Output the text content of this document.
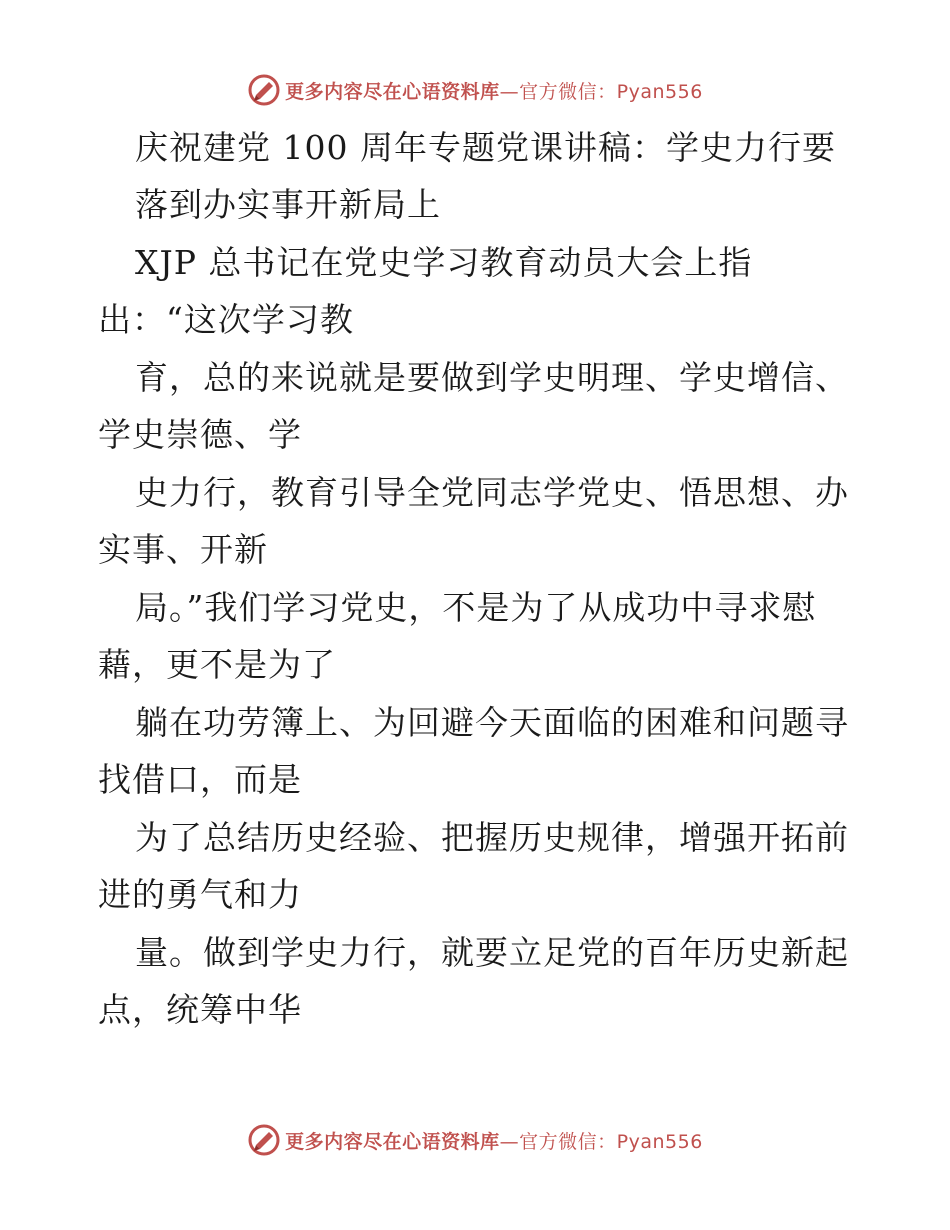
更多内容尽在心语资料库—官方微信：Pyan556
庆祝建党 100 周年专题党课讲稿：学史力行要
落到办实事开新局上
XJP 总书记在党史学习教育动员大会上指
出：“这次学习教
育，总的来说就是要做到学史明理、学史增信、
学史崇德、学
史力行，教育引导全党同志学党史、悟思想、办
实事、开新
局。”我们学习党史，不是为了从成功中寻求慰
藉，更不是为了
躺在功劳簿上、为回避今天面临的困难和问题寻
找借口，而是
为了总结历史经验、把握历史规律，增强开拓前
进的勇气和力
量。做到学史力行，就要立足党的百年历史新起
点，统筹中华
更多内容尽在心语资料库—官方微信：Pyan556
